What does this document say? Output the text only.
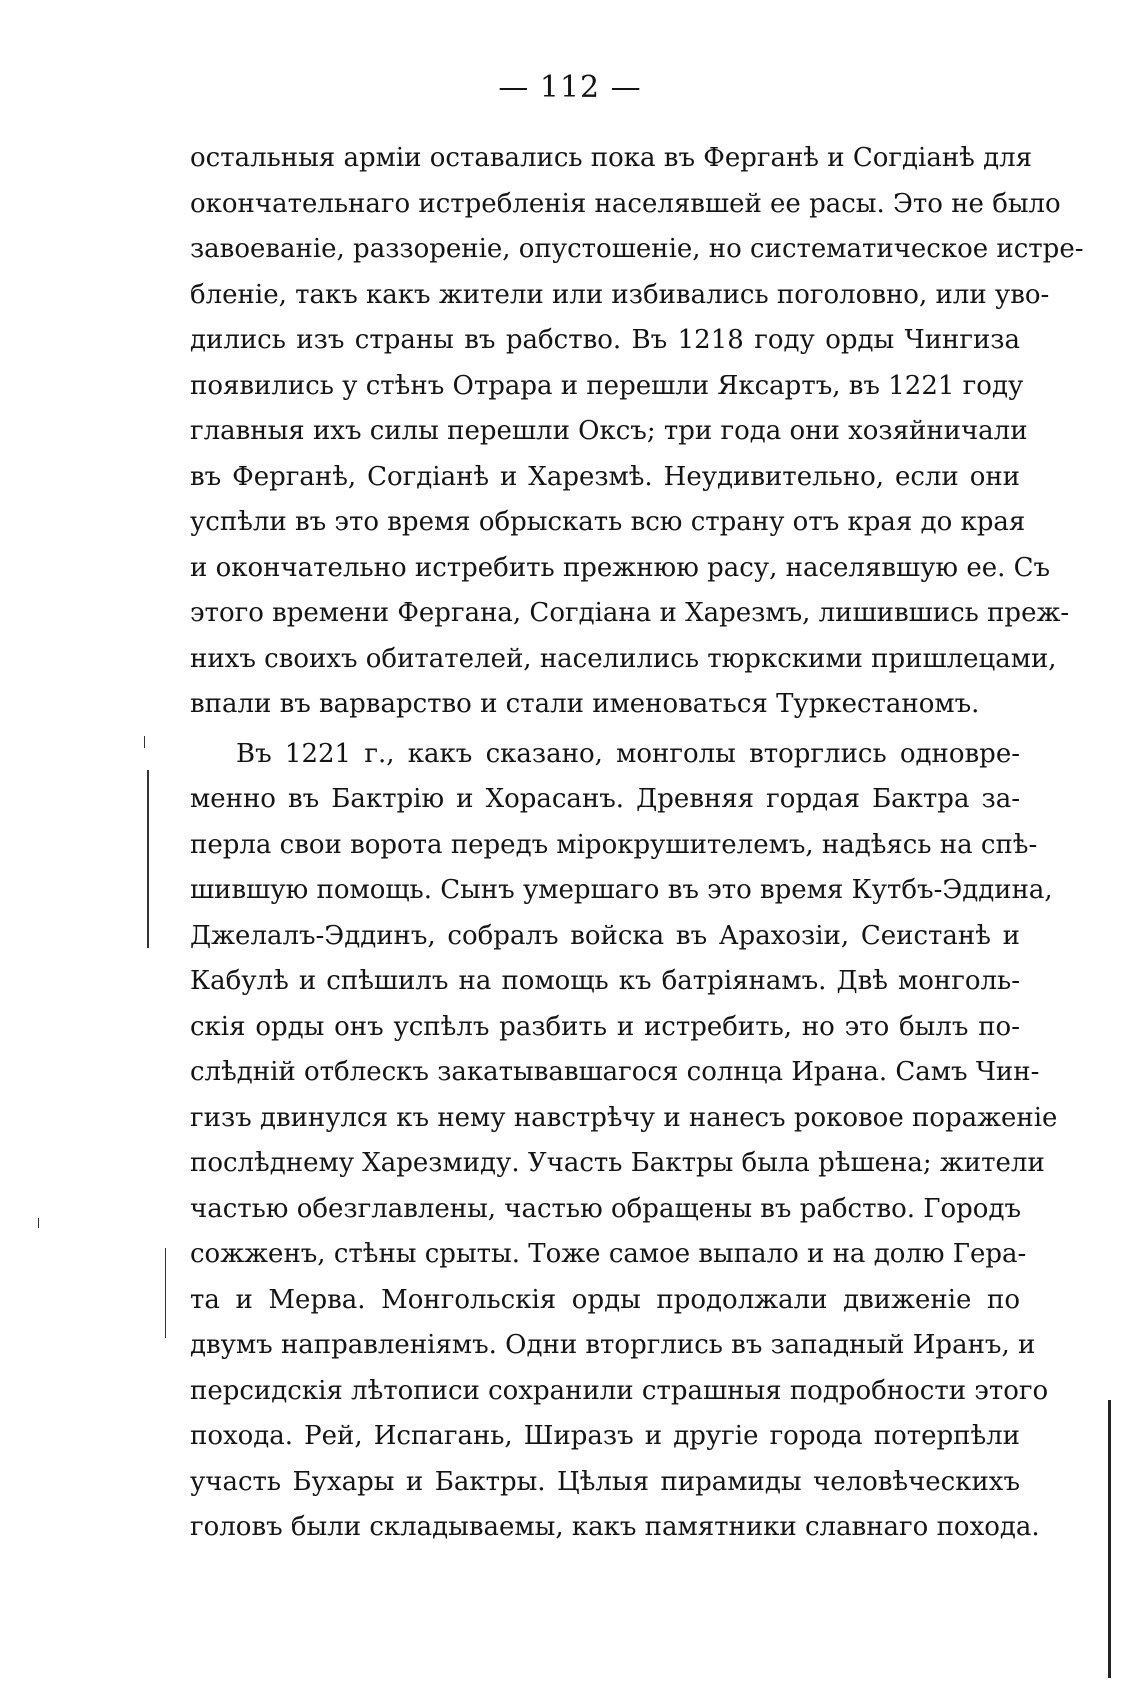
— 112 —
остальныя арміи оставались пока въ Ферганѣ и Согдіанѣ для
окончательнаго истребленія населявшей ее расы. Это не было
завоеваніе, раззореніе, опустошеніе, но систематическое истре-
бленіе, такъ какъ жители или избивались поголовно, или уво-
дились изъ страны въ рабство. Въ 1218 году орды Чингиза
появились у стѣнъ Отрара и перешли Яксартъ, въ 1221 году
главныя ихъ силы перешли Оксъ; три года они хозяйничали
въ Ферганѣ, Согдіанѣ и Харезмѣ. Неудивительно, если они
успѣли въ это время обрыскать всю страну отъ края до края
и окончательно истребить прежнюю расу, населявшую ее. Съ
этого времени Фергана, Согдіана и Харезмъ, лишившись преж-
нихъ своихъ обитателей, населились тюркскими пришлецами,
впали въ варварство и стали именоваться Туркестаномъ.
Въ 1221 г., какъ сказано, монголы вторглись одновре-
менно въ Бактрію и Хорасанъ. Древняя гордая Бактра за-
перла свои ворота передъ мірокрушителемъ, надѣясь на спѣ-
шившую помощь. Сынъ умершаго въ это время Кутбъ-Эддина,
Джелалъ-Эддинъ, собралъ войска въ Арахозіи, Сеистанѣ и
Кабулѣ и спѣшилъ на помощь къ батріянамъ. Двѣ монголь-
скія орды онъ успѣлъ разбить и истребить, но это былъ по-
слѣдній отблескъ закатывавшагося солнца Ирана. Самъ Чин-
гизъ двинулся къ нему навстрѣчу и нанесъ роковое пораженіе
послѣднему Харезмиду. Участь Бактры была рѣшена; жители
частью обезглавлены, частью обращены въ рабство. Городъ
сожженъ, стѣны срыты. Тоже самое выпало и на долю Гера-
та и Мерва. Монгольскія орды продолжали движеніе по
двумъ направленіямъ. Одни вторглись въ западный Иранъ, и
персидскія лѣтописи сохранили страшныя подробности этого
похода. Рей, Испагань, Ширазъ и другіе города потерпѣли
участь Бухары и Бактры. Цѣлыя пирамиды человѣческихъ
головъ были складываемы, какъ памятники славнаго похода.
